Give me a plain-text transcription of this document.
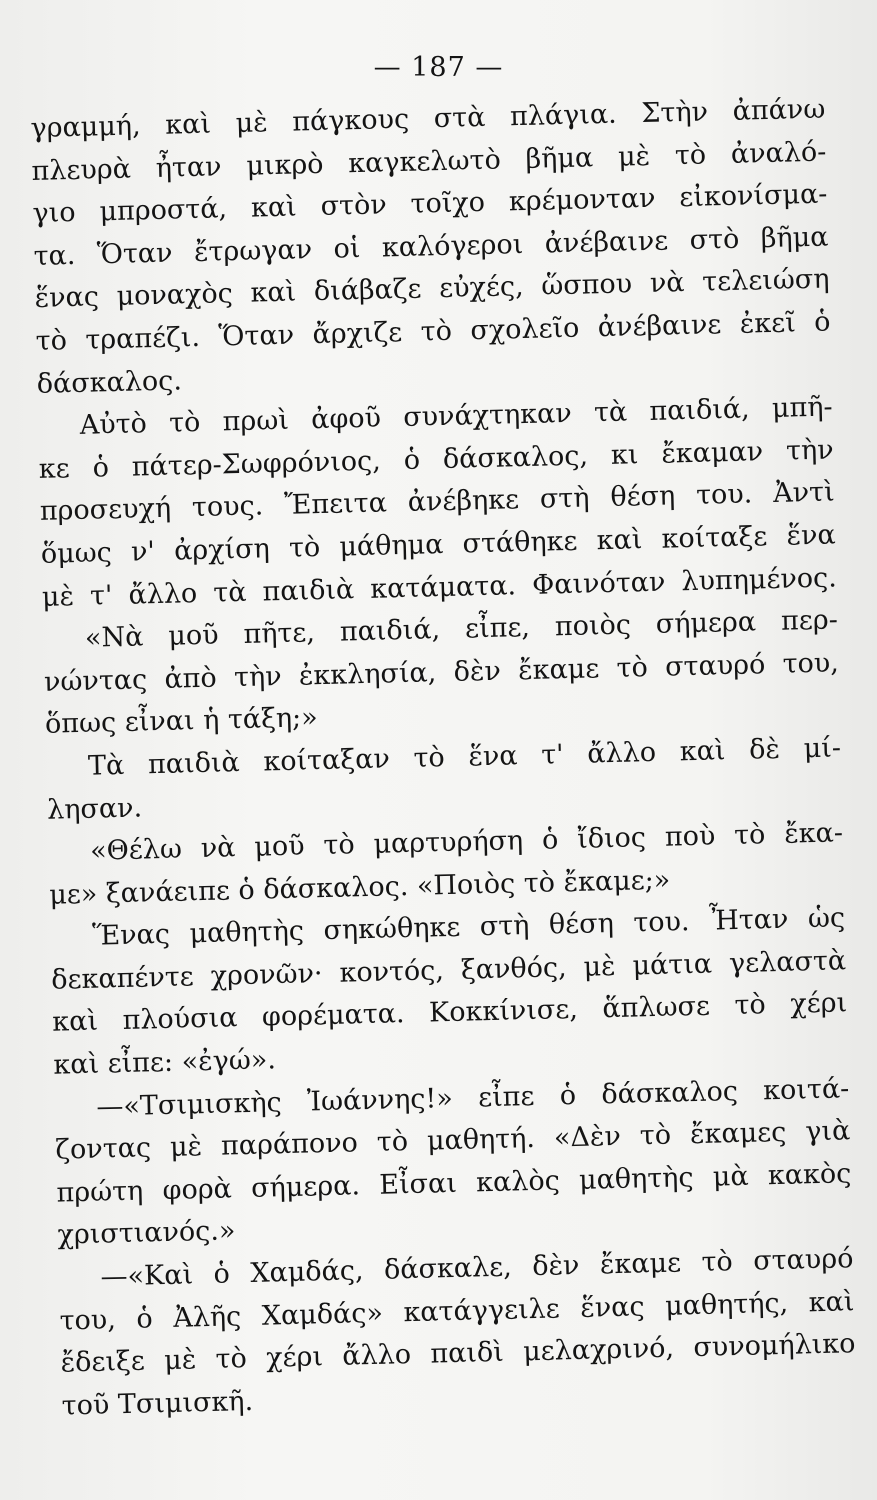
— 187 —
γραμμή, καὶ μὲ πάγκους στὰ πλάγια. Στὴν ἀπάνω
πλευρὰ ἦταν μικρὸ καγκελωτὸ βῆμα μὲ τὸ ἀναλό-
γιο μπροστά, καὶ στὸν τοῖχο κρέμονταν εἰκονίσμα-
τα. Ὅταν ἔτρωγαν οἱ καλόγεροι ἀνέβαινε στὸ βῆμα
ἕνας μοναχὸς καὶ διάβαζε εὐχές, ὥσπου νὰ τελειώση
τὸ τραπέζι. Ὅταν ἄρχιζε τὸ σχολεῖο ἀνέβαινε ἐκεῖ ὁ
δάσκαλος.
Αὐτὸ τὸ πρωὶ ἀφοῦ συνάχτηκαν τὰ παιδιά, μπῆ-
κε ὁ πάτερ-Σωφρόνιος, ὁ δάσκαλος, κι ἔκαμαν τὴν
προσευχή τους. Ἔπειτα ἀνέβηκε στὴ θέση του. Ἀντὶ
ὅμως ν' ἀρχίση τὸ μάθημα στάθηκε καὶ κοίταξε ἕνα
μὲ τ' ἄλλο τὰ παιδιὰ κατάματα. Φαινόταν λυπημένος.
«Νὰ μοῦ πῆτε, παιδιά, εἶπε, ποιὸς σήμερα περ-
νώντας ἀπὸ τὴν ἐκκλησία, δὲν ἔκαμε τὸ σταυρό του,
ὅπως εἶναι ἡ τάξη;»
Τὰ παιδιὰ κοίταξαν τὸ ἕνα τ' ἄλλο καὶ δὲ μί-
λησαν.
«Θέλω νὰ μοῦ τὸ μαρτυρήση ὁ ἴδιος ποὺ τὸ ἔκα-
με» ξανάειπε ὁ δάσκαλος. «Ποιὸς τὸ ἔκαμε;»
Ἕνας μαθητὴς σηκώθηκε στὴ θέση του. Ἦταν ὡς
δεκαπέντε χρονῶν· κοντός, ξανθός, μὲ μάτια γελαστὰ
καὶ πλούσια φορέματα. Κοκκίνισε, ἅπλωσε τὸ χέρι
καὶ εἶπε: «ἐγώ».
—«Τσιμισκὴς Ἰωάννης!» εἶπε ὁ δάσκαλος κοιτά-
ζοντας μὲ παράπονο τὸ μαθητή. «Δὲν τὸ ἔκαμες γιὰ
πρώτη φορὰ σήμερα. Εἶσαι καλὸς μαθητὴς μὰ κακὸς
χριστιανός.»
—«Καὶ ὁ Χαμδάς, δάσκαλε, δὲν ἔκαμε τὸ σταυρό
του, ὁ Ἀλῆς Χαμδάς» κατάγγειλε ἕνας μαθητής, καὶ
ἔδειξε μὲ τὸ χέρι ἄλλο παιδὶ μελαχρινό, συνομήλικο
τοῦ Τσιμισκῆ.
